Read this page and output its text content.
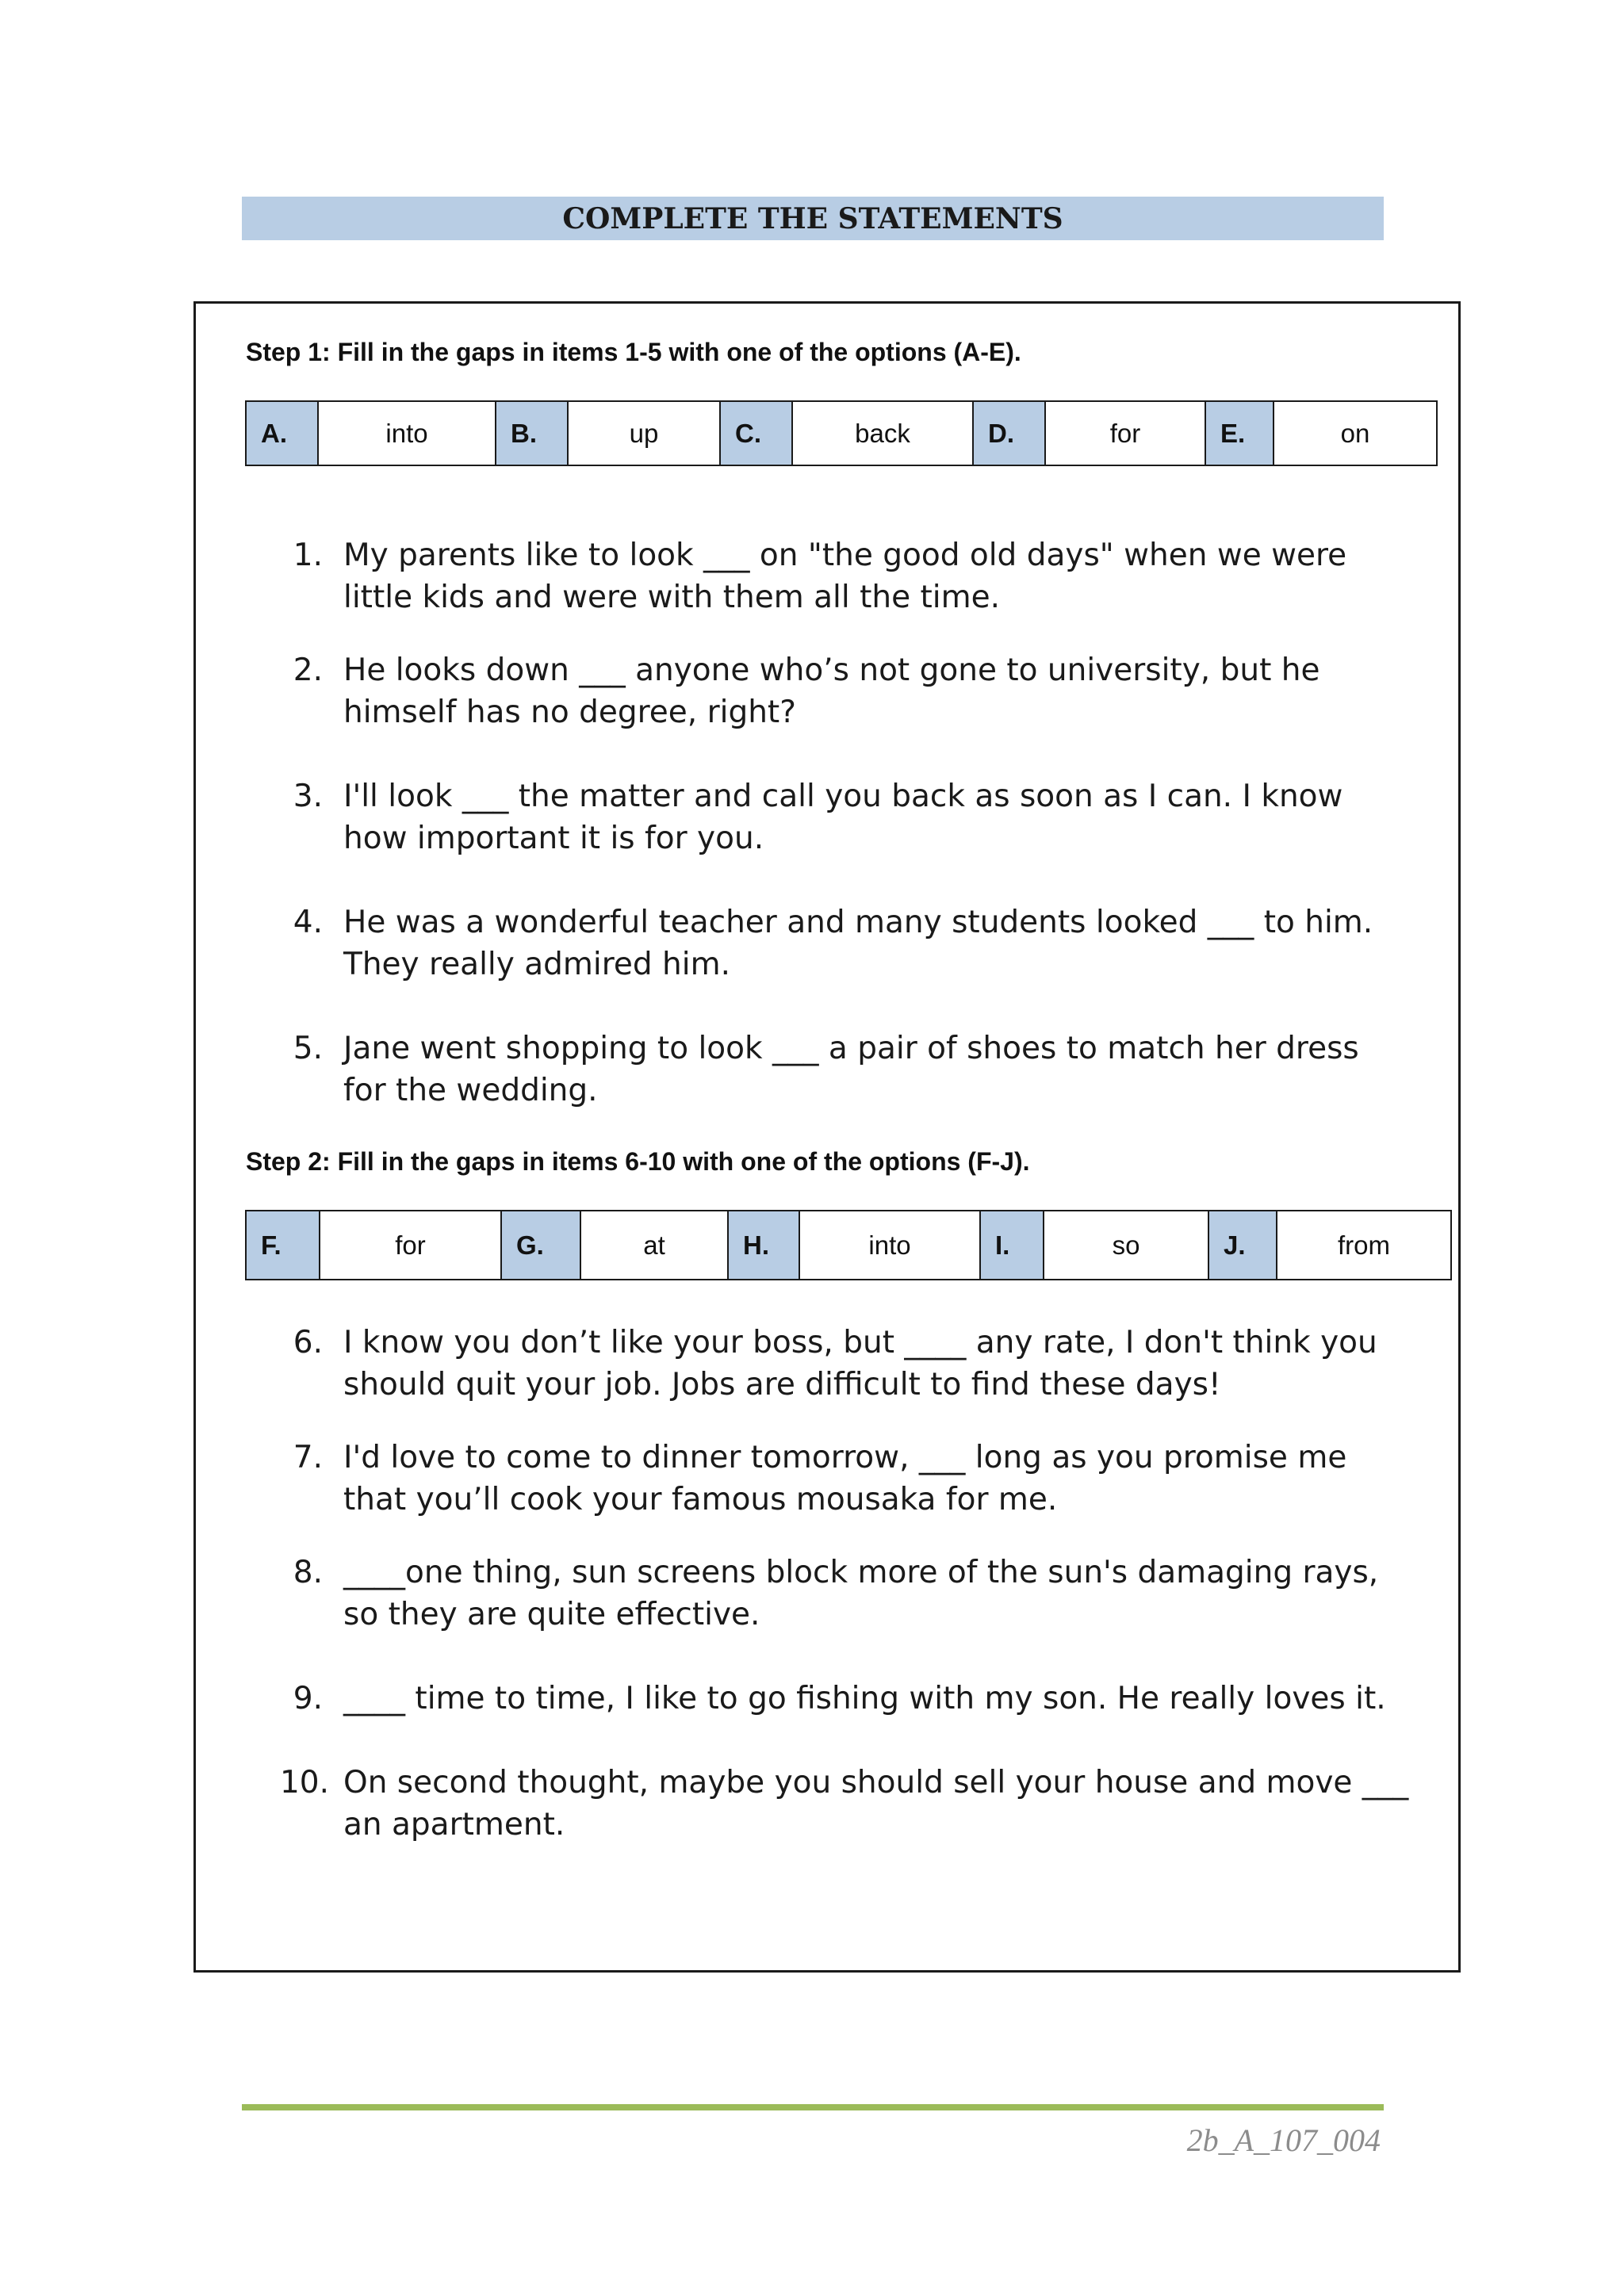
COMPLETE THE STATEMENTS
Step 1: Fill in the gaps in items 1-5 with one of the options (A-E).
A.	into	B.	up	C.	back	D.	for	E.	on
1. My parents like to look ___ on "the good old days" when we were
little kids and were with them all the time.
2. He looks down ___ anyone who’s not gone to university, but he
himself has no degree, right?
3. I'll look ___ the matter and call you back as soon as I can. I know
how important it is for you.
4. He was a wonderful teacher and many students looked ___ to him.
They really admired him.
5. Jane went shopping to look ___ a pair of shoes to match her dress
for the wedding.
Step 2: Fill in the gaps in items 6-10 with one of the options (F-J).
F.	for	G.	at	H.	into	I.	so	J.	from
6. I know you don’t like your boss, but ____ any rate, I don't think you
should quit your job. Jobs are difficult to find these days!
7. I'd love to come to dinner tomorrow, ___ long as you promise me
that you’ll cook your famous mousaka for me.
8. ____one thing, sun screens block more of the sun's damaging rays,
so they are quite effective.
9. ____ time to time, I like to go fishing with my son. He really loves it.
10. On second thought, maybe you should sell your house and move ___
an apartment.
2b_A_107_004
